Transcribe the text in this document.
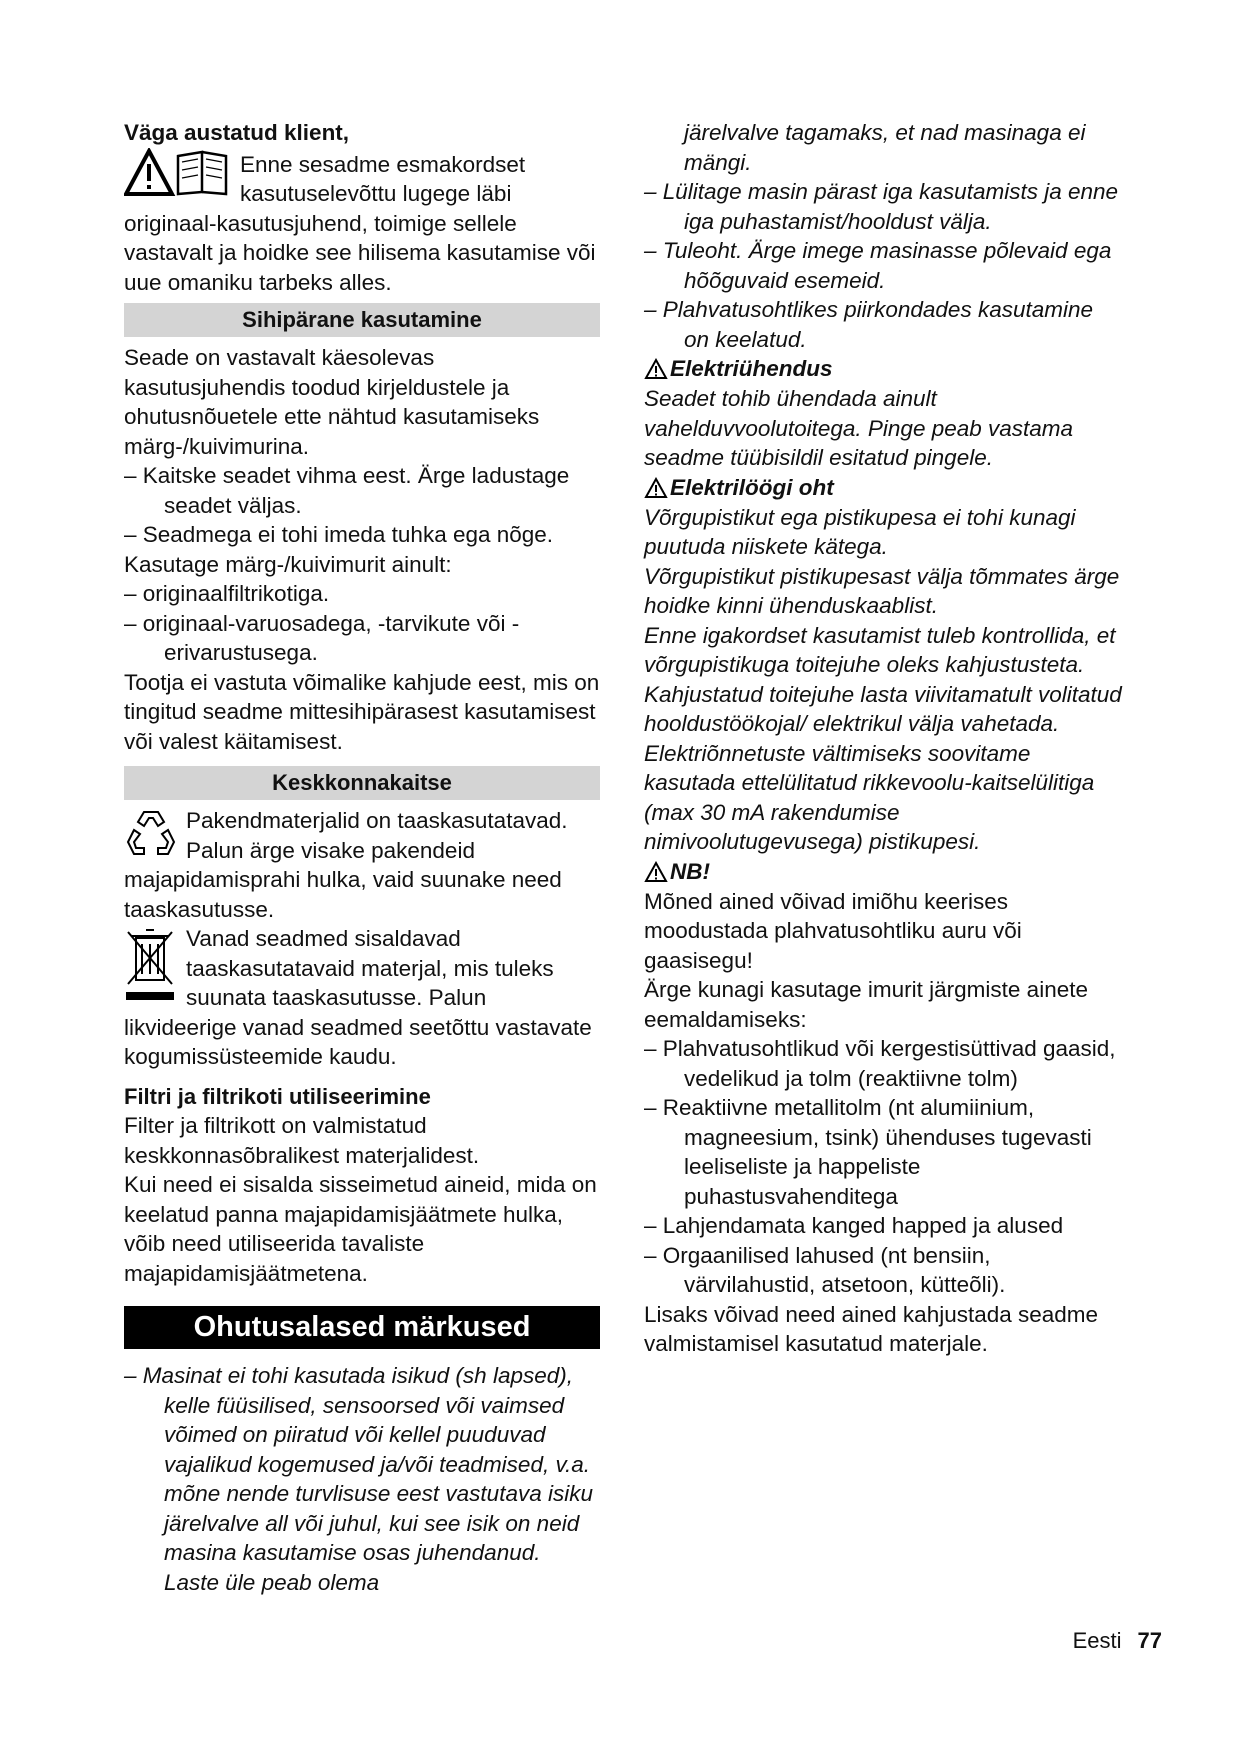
Väga austatud klient,

Enne sesadme esmakordset

kasutuselevõttu lugege läbi

originaal-kasutusjuhend, toimige sellele vastavalt ja hoidke see hilisema kasutamise või uue omaniku tarbeks alles.

Sihipärane kasutamine

Seade on vastavalt käesolevas kasutusjuhendis toodud kirjeldustele ja ohutusnõuetele ette nähtud kasutamiseks märg-/kuivimurina.

– Kaitske seadet vihma eest. Ärge ladustage seadet väljas.

– Seadmega ei tohi imeda tuhka ega nõge.

Kasutage märg-/kuivimurit ainult:

– originaalfiltrikotiga.

– originaal-varuosadega, -tarvikute või -erivarustusega.

Tootja ei vastuta võimalike kahjude eest, mis on tingitud seadme mittesihipärasest kasutamisest või valest käitamisest.

Keskkonnakaitse

Pakendmaterjalid on taaskasutatavad.

Palun ärge visake pakendeid

majapidamisprahi hulka, vaid suunake need taaskasutusse.

Vanad seadmed sisaldavad

taaskasutatavaid materjal, mis tuleks

suunata taaskasutusse. Palun

likvideerige vanad seadmed seetõttu vastavate kogumissüsteemide kaudu.

Filtri ja filtrikoti utiliseerimine

Filter ja filtrikott on valmistatud keskkonnasõbralikest materjalidest.

Kui need ei sisalda sisseimetud aineid, mida on keelatud panna majapidamisjäätmete hulka, võib need utiliseerida tavaliste majapidamisjäätmetena.

Ohutusalased märkused

– Masinat ei tohi kasutada isikud (sh lapsed), kelle füüsilised, sensoorsed või vaimsed võimed on piiratud või kellel puuduvad vajalikud kogemused ja/või teadmised, v.a. mõne nende turvlisuse eest vastutava isiku järelvalve all või juhul, kui see isik on neid masina kasutamise osas juhendanud. Laste üle peab olema

järelvalve tagamaks, et nad masinaga ei mängi.

– Lülitage masin pärast iga kasutamists ja enne iga puhastamist/hooldust välja.

– Tuleoht. Ärge imege masinasse põlevaid ega hõõguvaid esemeid.

– Plahvatusohtlikes piirkondades kasutamine on keelatud.

Elektriühendus

Seadet tohib ühendada ainult vahelduvvoolutoitega. Pinge peab vastama seadme tüübisildil esitatud pingele.

Elektrilöögi oht

Võrgupistikut ega pistikupesa ei tohi kunagi puutuda niiskete kätega.

Võrgupistikut pistikupesast välja tõmmates ärge hoidke kinni ühenduskaablist.

Enne igakordset kasutamist tuleb kontrollida, et võrgupistikuga toitejuhe oleks kahjustusteta. Kahjustatud toitejuhe lasta viivitamatult volitatud hooldustöökojal/ elektrikul välja vahetada.

Elektriõnnetuste vältimiseks soovitame kasutada ettelülitatud rikkevoolu-kaitselülitiga (max 30 mA rakendumise nimivoolutugevusega) pistikupesi.

NB!

Mõned ained võivad imiõhu keerises moodustada plahvatusohtliku auru või gaasisegu!

Ärge kunagi kasutage imurit järgmiste ainete eemaldamiseks:

– Plahvatusohtlikud või kergestisüttivad gaasid, vedelikud ja tolm (reaktiivne tolm)

– Reaktiivne metallitolm (nt alumiinium, magneesium, tsink) ühenduses tugevasti leeliseliste ja happeliste puhastusvahenditega

– Lahjendamata kanged happed ja alused

– Orgaanilised lahused (nt bensiin, värvilahustid, atsetoon, kütteõli).

Lisaks võivad need ained kahjustada seadme valmistamisel kasutatud materjale.

Eesti 77
